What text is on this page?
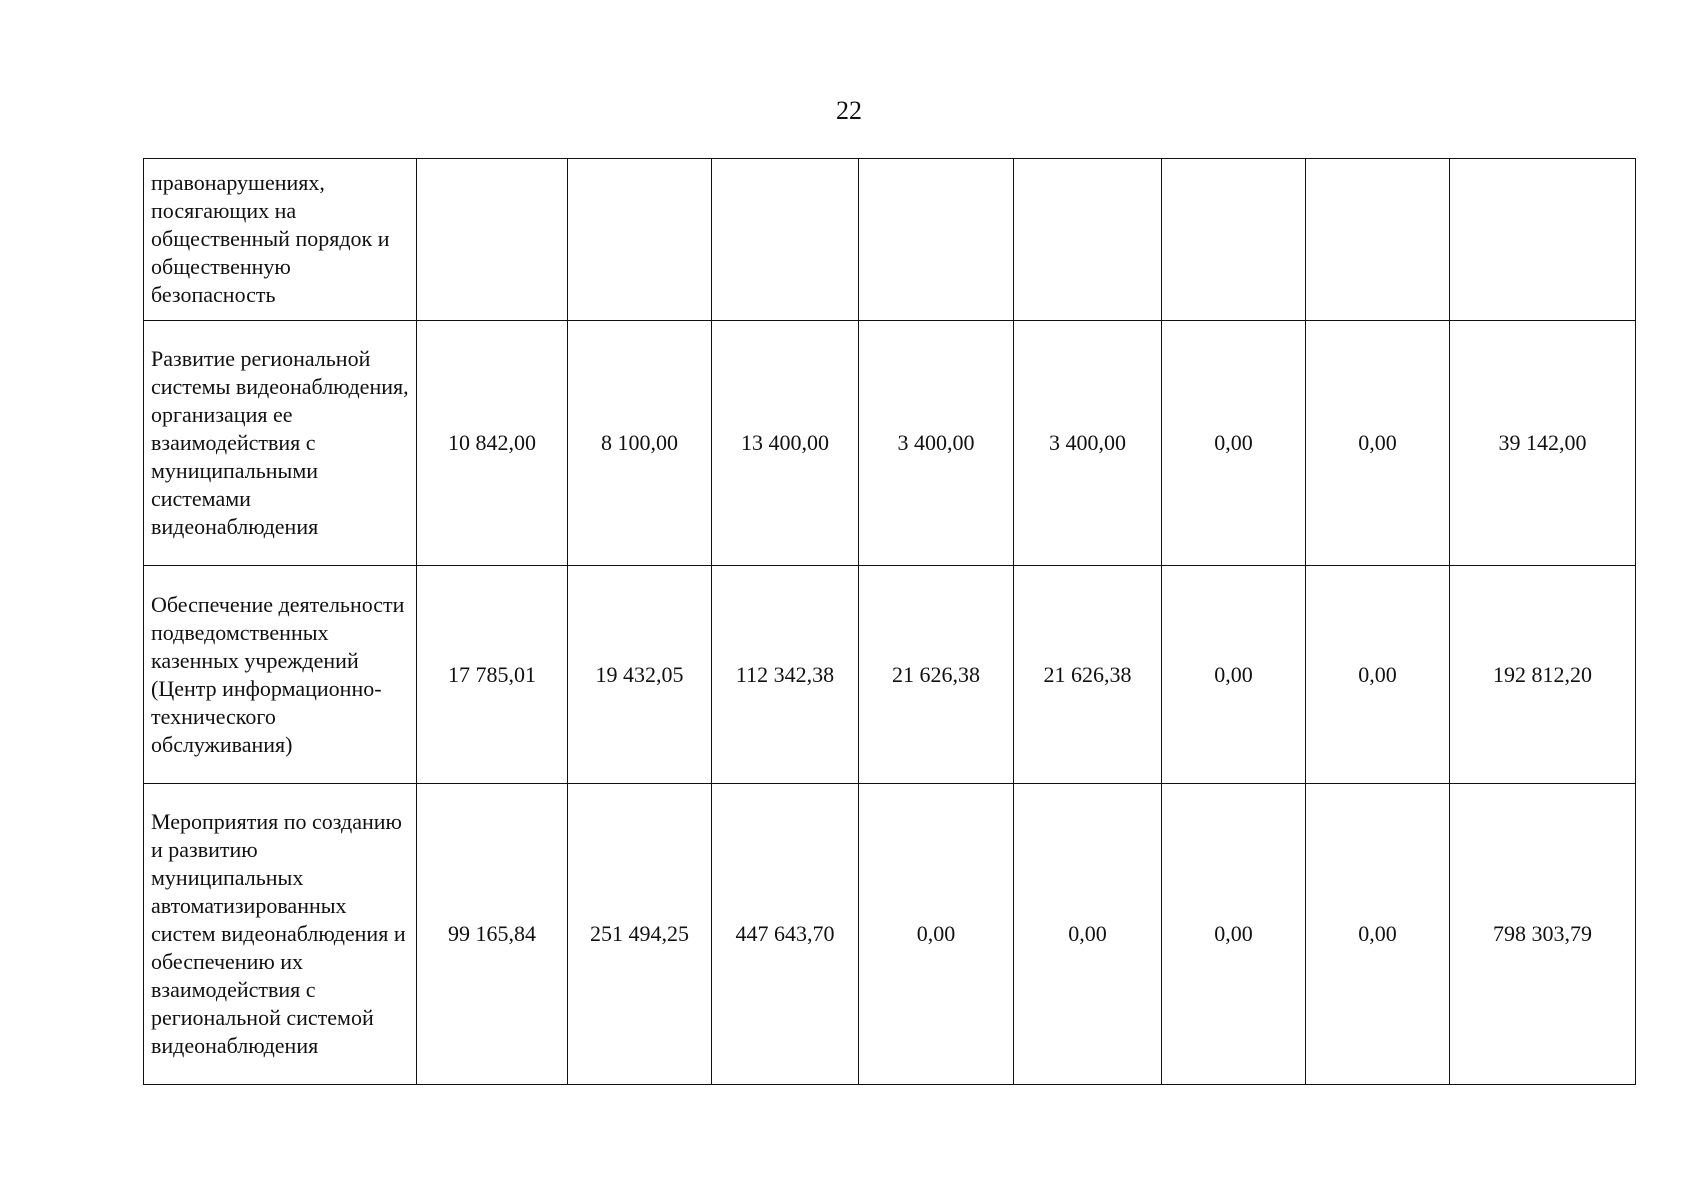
22
правонарушениях, посягающих на общественный порядок и общественную безопасность								
Развитие региональной системы видеонаблюдения, организация ее взаимодействия с муниципальными системами видеонаблюдения	10 842,00	8 100,00	13 400,00	3 400,00	3 400,00	0,00	0,00	39 142,00
Обеспечение деятельности подведомственных казенных учреждений (Центр информационно-технического обслуживания)	17 785,01	19 432,05	112 342,38	21 626,38	21 626,38	0,00	0,00	192 812,20
Мероприятия по созданию и развитию муниципальных автоматизированных систем видеонаблюдения и обеспечению их взаимодействия с региональной системой видеонаблюдения	99 165,84	251 494,25	447 643,70	0,00	0,00	0,00	0,00	798 303,79
